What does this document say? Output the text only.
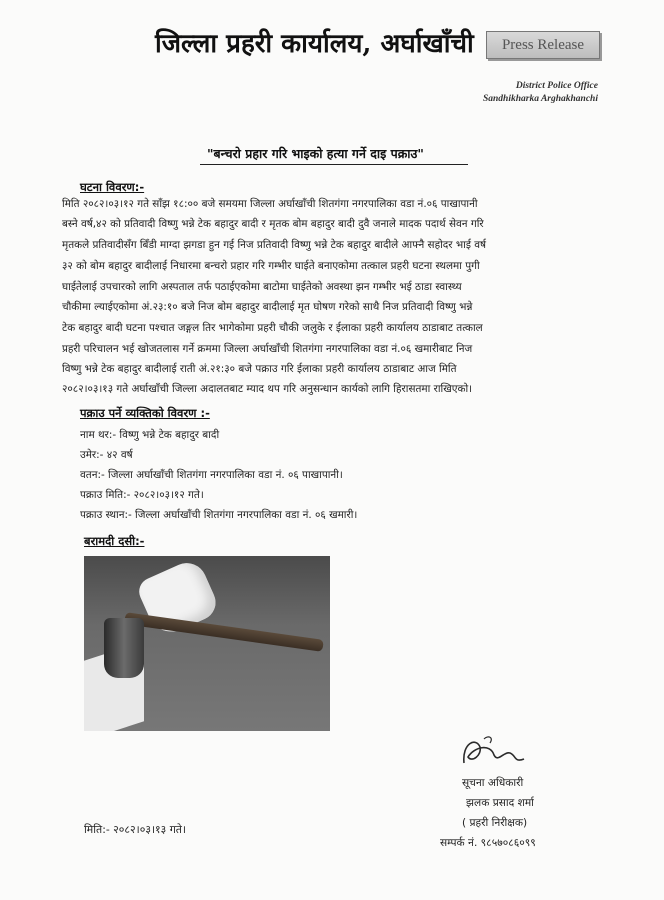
जिल्ला प्रहरी कार्यालय, अर्घाखाँची	Press Release
District Police Office
Sandhikharka Arghakhanchi
"बन्चरो प्रहार गरि भाइको हत्या गर्ने दाइ पक्राउ"
घटना विवरण:-
मिति २०८२।०३।१२ गते साँझ १८:०० बजे समयमा जिल्ला अर्घाखाँची शितगंगा नगरपालिका वडा नं.०६ पाखापानी
बस्ने वर्ष,४२ को प्रतिवादी विष्णु भन्ने टेक बहादुर बादी र मृतक बोम बहादुर बादी दुवै जनाले मादक पदार्थ सेवन गरि
मृतकले प्रतिवादीसँग बिँडी माग्दा झगडा हुन गई निज प्रतिवादी विष्णु भन्ने टेक बहादुर बादीले आफ्नै सहोदर भाई वर्ष
३२ को बोम बहादुर बादीलाई निधारमा बन्चरो प्रहार गरि गम्भीर घाईते बनाएकोमा तत्काल प्रहरी घटना स्थलमा पुगी
घाईतेलाई उपचारको लागि अस्पताल तर्फ पठाईएकोमा बाटोमा घाईतेको अवस्था झन गम्भीर भई ठाडा स्वास्थ्य
चौकीमा ल्याईएकोमा अं.२३:१० बजे निज बोम बहादुर बादीलाई मृत घोषण गरेको साथै निज प्रतिवादी विष्णु भन्ने
टेक बहादुर बादी घटना पश्चात जङ्गल तिर भागेकोमा प्रहरी चौकी जलुके र ईलाका प्रहरी कार्यालय ठाडाबाट तत्काल
प्रहरी परिचालन भई खोजतलास गर्ने क्रममा जिल्ला अर्घाखाँची शितगंगा नगरपालिका वडा नं.०६ खमारीबाट निज
विष्णु भन्ने टेक बहादुर बादीलाई राती अं.२१:३० बजे पक्राउ गरि ईलाका प्रहरी कार्यालय ठाडाबाट आज मिति
२०८२।०३।१३ गते अर्घाखाँची जिल्ला अदालतबाट म्याद थप गरि अनुसन्धान कार्यको लागि हिरासतमा राखिएको।
पक्राउ पर्ने व्यक्तिको विवरण :-
नाम थर:- विष्णु भन्ने टेक बहादुर बादी
उमेर:- ४२ वर्ष
वतन:- जिल्ला अर्घाखाँची शितगंगा नगरपालिका वडा नं. ०६ पाखापानी।
पक्राउ मिति:- २०८२।०३।१२ गते।
पक्राउ स्थान:- जिल्ला अर्घाखाँची शितगंगा नगरपालिका वडा नं. ०६ खमारी।
बरामदी दसी:-
सूचना अधिकारी
झलक प्रसाद शर्मा
( प्रहरी निरीक्षक)
सम्पर्क नं. ९८५७०८६०९९
मिति:- २०८२।०३।१३ गते।
